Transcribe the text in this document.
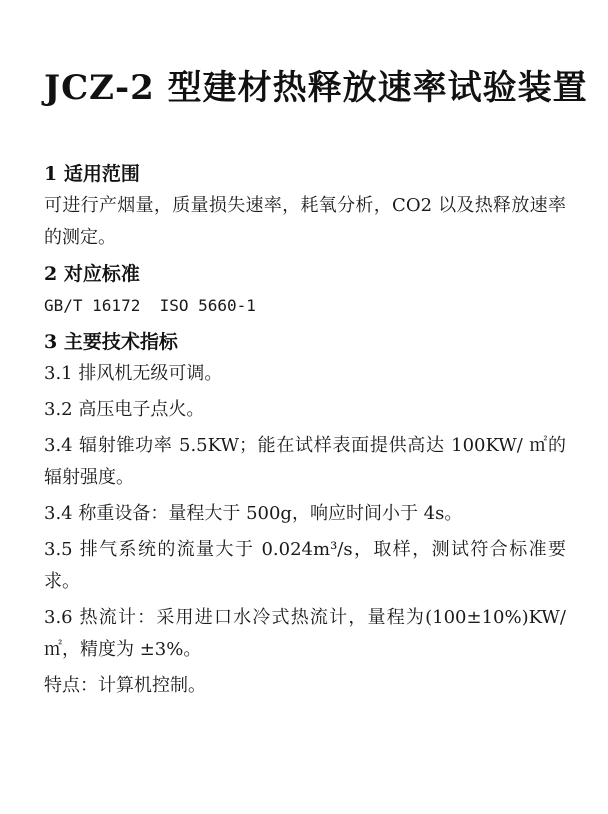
JCZ-2 型建材热释放速率试验装置

1 适用范围

可进行产烟量，质量损失速率，耗氧分析，CO2 以及热释放速率的测定。

2 对应标准

GB/T 16172  ISO 5660-1

3 主要技术指标

3.1 排风机无级可调。

3.2 高压电子点火。

3.4 辐射锥功率 5.5KW；能在试样表面提供高达 100KW/ ㎡的辐射强度。

3.4 称重设备：量程大于 500g，响应时间小于 4s。

3.5 排气系统的流量大于 0.024m³/s，取样，测试符合标准要求。

3.6 热流计：采用进口水冷式热流计，量程为(100±10%)KW/ ㎡，精度为 ±3%。

特点：计算机控制。
